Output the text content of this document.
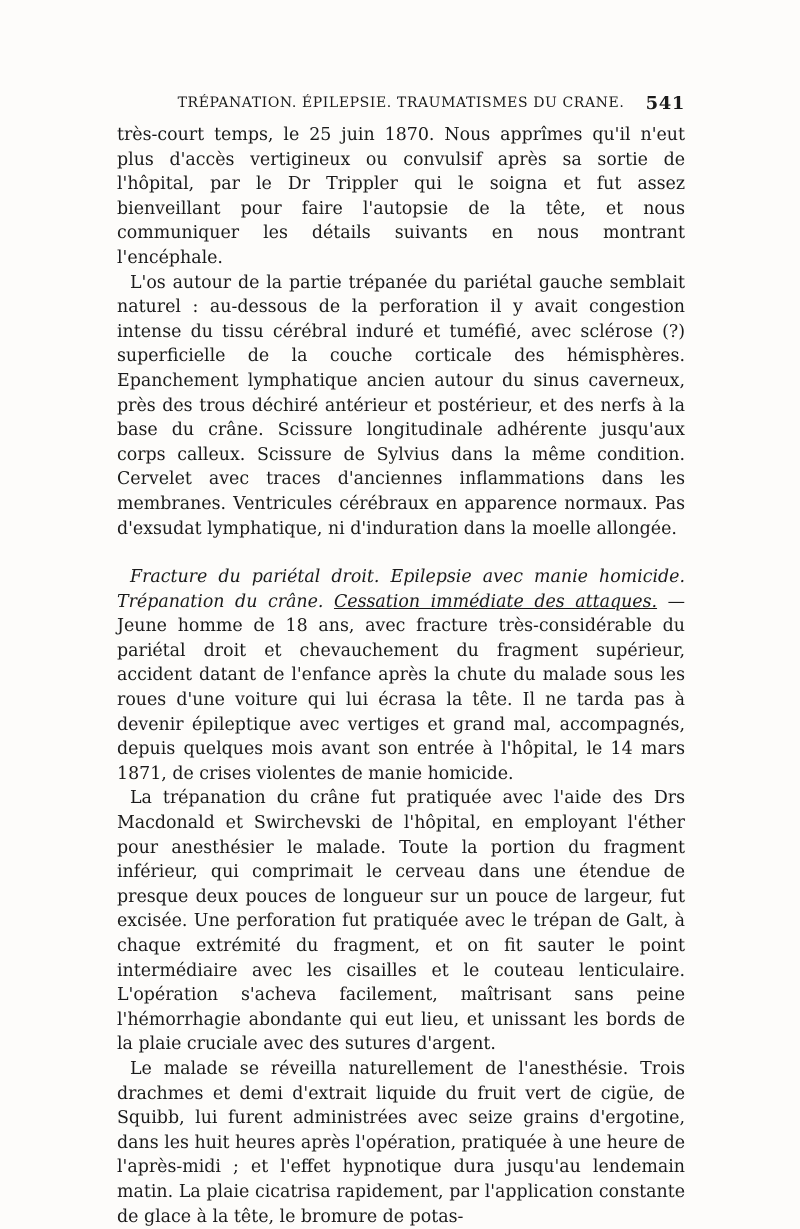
TRÉPANATION. ÉPILEPSIE. TRAUMATISMES DU CRANE. 541

très-court temps, le 25 juin 1870. Nous apprîmes qu'il n'eut plus d'accès vertigineux ou convulsif après sa sortie de l'hôpital, par le Dr Trippler qui le soigna et fut assez bienveillant pour faire l'autopsie de la tête, et nous communiquer les détails suivants en nous montrant l'encéphale.

L'os autour de la partie trépanée du pariétal gauche semblait naturel : au-dessous de la perforation il y avait congestion intense du tissu cérébral induré et tuméfié, avec sclérose (?) superficielle de la couche corticale des hémisphères. Epanchement lymphatique ancien autour du sinus caverneux, près des trous déchiré antérieur et postérieur, et des nerfs à la base du crâne. Scissure longitudinale adhérente jusqu'aux corps calleux. Scissure de Sylvius dans la même condition. Cervelet avec traces d'anciennes inflammations dans les membranes. Ventricules cérébraux en apparence normaux. Pas d'exsudat lymphatique, ni d'induration dans la moelle allongée.

Fracture du pariétal droit. Epilepsie avec manie homicide. Trépanation du crâne. Cessation immédiate des attaques. — Jeune homme de 18 ans, avec fracture très-considérable du pariétal droit et chevauchement du fragment supérieur, accident datant de l'enfance après la chute du malade sous les roues d'une voiture qui lui écrasa la tête. Il ne tarda pas à devenir épileptique avec vertiges et grand mal, accompagnés, depuis quelques mois avant son entrée à l'hôpital, le 14 mars 1871, de crises violentes de manie homicide.

La trépanation du crâne fut pratiquée avec l'aide des Drs Macdonald et Swirchevski de l'hôpital, en employant l'éther pour anesthésier le malade. Toute la portion du fragment inférieur, qui comprimait le cerveau dans une étendue de presque deux pouces de longueur sur un pouce de largeur, fut excisée. Une perforation fut pratiquée avec le trépan de Galt, à chaque extrémité du fragment, et on fit sauter le point intermédiaire avec les cisailles et le couteau lenticulaire. L'opération s'acheva facilement, maîtrisant sans peine l'hémorrhagie abondante qui eut lieu, et unissant les bords de la plaie cruciale avec des sutures d'argent.

Le malade se réveilla naturellement de l'anesthésie. Trois drachmes et demi d'extrait liquide du fruit vert de cigüe, de Squibb, lui furent administrées avec seize grains d'ergotine, dans les huit heures après l'opération, pratiquée à une heure de l'après-midi ; et l'effet hypnotique dura jusqu'au lendemain matin. La plaie cicatrisa rapidement, par l'application constante de glace à la tête, le bromure de potas-
